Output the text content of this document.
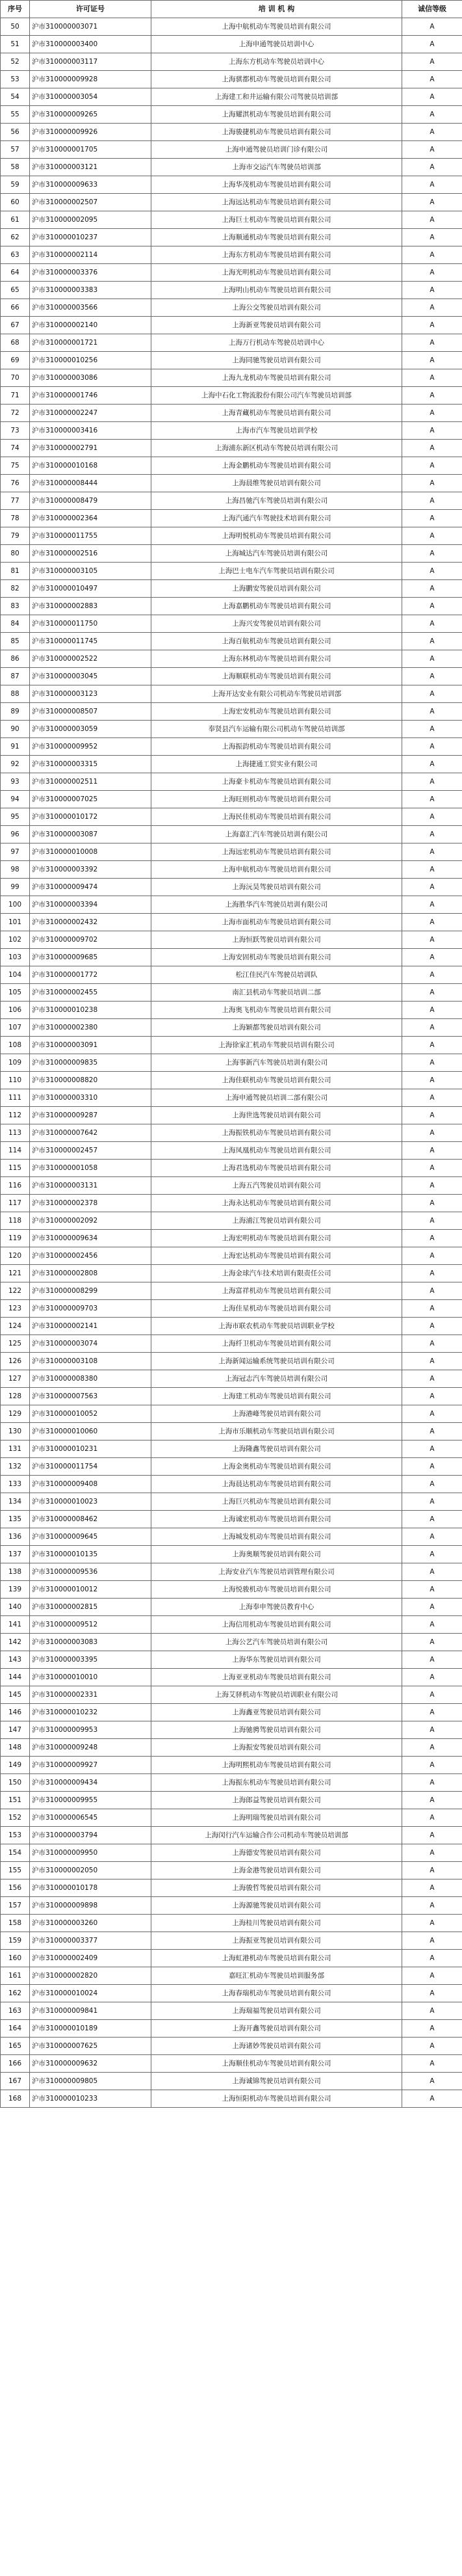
序号	许可证号	培 训 机 构	诚信等级
50	沪市310000003071	上海中航机动车驾驶员培训有限公司	A
51	沪市310000003400	上海申通驾驶员培训中心	A
52	沪市310000003117	上海东方机动车驾驶员培训中心	A
53	沪市310000009928	上海骐都机动车驾驶员培训有限公司	A
54	沪市310000003054	上海建工和井运输有限公司驾驶员培训部	A
55	沪市310000009265	上海耀淇机动车驾驶员培训有限公司	A
56	沪市310000009926	上海骏捷机动车驾驶员培训有限公司	A
57	沪市310000001705	上海申通驾驶员培训门诊有限公司	A
58	沪市310000003121	上海市交运汽车驾驶员培训部	A
59	沪市310000009633	上海华茂机动车驾驶员培训有限公司	A
60	沪市310000002507	上海远达机动车驾驶员培训有限公司	A
61	沪市310000002095	上海巨士机动车驾驶员培训有限公司	A
62	沪市310000010237	上海顺通机动车驾驶员培训有限公司	A
63	沪市310000002114	上海东方机动车驾驶员培训有限公司	A
64	沪市310000003376	上海光明机动车驾驶员培训有限公司	A
65	沪市310000003383	上海明山机动车驾驶员培训有限公司	A
66	沪市310000003566	上海公交驾驶员培训有限公司	A
67	沪市310000002140	上海新亚驾驶员培训有限公司	A
68	沪市310000001721	上海万行机动车驾驶员培训中心	A
69	沪市310000010256	上海同驰驾驶员培训有限公司	A
70	沪市310000003086	上海九龙机动车驾驶员培训有限公司	A
71	沪市310000001746	上海中石化工物流股份有限公司汽车驾驶员培训部	A
72	沪市310000002247	上海青藏机动车驾驶员培训有限公司	A
73	沪市310000003416	上海市汽车驾驶员培训学校	A
74	沪市310000002791	上海浦东新区机动车驾驶员培训有限公司	A
75	沪市310000010168	上海金鹏机动车驾驶员培训有限公司	A
76	沪市310000008444	上海晨维驾驶员培训有限公司	A
77	沪市310000008479	上海昌驰汽车驾驶员培训有限公司	A
78	沪市310000002364	上海汽通汽车驾驶技术培训有限公司	A
79	沪市310000011755	上海明悦机动车驾驶员培训有限公司	A
80	沪市310000002516	上海城达汽车驾驶员培训有限公司	A
81	沪市310000003105	上海巴士电车汽车驾驶员培训有限公司	A
82	沪市310000010497	上海鹏安驾驶员培训有限公司	A
83	沪市310000002883	上海嘉鹏机动车驾驶员培训有限公司	A
84	沪市310000011750	上海兴安驾驶员培训有限公司	A
85	沪市310000011745	上海百航机动车驾驶员培训有限公司	A
86	沪市310000002522	上海东林机动车驾驶员培训有限公司	A
87	沪市310000003045	上海顺联机动车驾驶员培训有限公司	A
88	沪市310000003123	上海开达安业有限公司机动车驾驶员培训部	A
89	沪市310000008507	上海宏安机动车驾驶员培训有限公司	A
90	沪市310000003059	奉贤县汽车运输有限公司机动车驾驶员培训部	A
91	沪市310000009952	上海振韵机动车驾驶员培训有限公司	A
92	沪市310000003315	上海捷通工贸实业有限公司	A
93	沪市310000002511	上海豪卡机动车驾驶员培训有限公司	A
94	沪市310000007025	上海旺则机动车驾驶员培训有限公司	A
95	沪市310000010172	上海民佳机动车驾驶员培训有限公司	A
96	沪市310000003087	上海嘉汇汽车驾驶员培训有限公司	A
97	沪市310000010008	上海远宏机动车驾驶员培训有限公司	A
98	沪市310000003392	上海申航机动车驾驶员培训有限公司	A
99	沪市310000009474	上海沅昊驾驶员培训有限公司	A
100	沪市310000003394	上海胜华汽车驾驶员培训有限公司	A
101	沪市310000002432	上海市面机动车驾驶员培训有限公司	A
102	沪市310000009702	上海恒跃驾驶员培训有限公司	A
103	沪市310000009685	上海安固机动车驾驶员培训有限公司	A
104	沪市310000001772	松江佳民汽车驾驶员培训队	A
105	沪市310000002455	南汇县机动车驾驶员培训二部	A
106	沪市310000010238	上海奥飞机动车驾驶员培训有限公司	A
107	沪市310000002380	上海颖都驾驶员培训有限公司	A
108	沪市310000003091	上海徐家汇机动车驾驶员培训有限公司	A
109	沪市310000009835	上海事新汽车驾驶员培训有限公司	A
110	沪市310000008820	上海佳联机动车驾驶员培训有限公司	A
111	沪市310000003310	上海申通驾驶员培训二部有限公司	A
112	沪市310000009287	上海世选驾驶员培训有限公司	A
113	沪市310000007642	上海振铁机动车驾驶员培训有限公司	A
114	沪市310000002457	上海凤凰机动车驾驶员培训有限公司	A
115	沪市310000001058	上海君选机动车驾驶员培训有限公司	A
116	沪市310000003131	上海五汽驾驶员培训有限公司	A
117	沪市310000002378	上海永达机动车驾驶员培训有限公司	A
118	沪市310000002092	上海浦江驾驶员培训有限公司	A
119	沪市310000009634	上海宏明机动车驾驶员培训有限公司	A
120	沪市310000002456	上海宏达机动车驾驶员培训有限公司	A
121	沪市310000002808	上海金球汽车技术培训有限责任公司	A
122	沪市310000008299	上海富祥机动车驾驶员培训有限公司	A
123	沪市310000009703	上海佳星机动车驾驶员培训有限公司	A
124	沪市310000002141	上海市联农机动车驾驶员培训职业学校	A
125	沪市310000003074	上海纤卫机动车驾驶员培训有限公司	A
126	沪市310000003108	上海新闻运输系统驾驶员培训有限公司	A
127	沪市310000008380	上海冠志汽车驾驶员培训有限公司	A
128	沪市310000007563	上海建工机动车驾驶员培训有限公司	A
129	沪市310000010052	上海港峰驾驶员培训有限公司	A
130	沪市310000010060	上海市乐顺机动车驾驶员培训有限公司	A
131	沪市310000010231	上海隆鑫驾驶员培训有限公司	A
132	沪市310000011754	上海金奥机动车驾驶员培训有限公司	A
133	沪市310000009408	上海晨达机动车驾驶员培训有限公司	A
134	沪市310000010023	上海巨兴机动车驾驶员培训有限公司	A
135	沪市310000008462	上海诚宏机动车驾驶员培训有限公司	A
136	沪市310000009645	上海城发机动车驾驶员培训有限公司	A
137	沪市310000010135	上海奥顺驾驶员培训有限公司	A
138	沪市310000009536	上海安业汽车驾驶员培训管理有限公司	A
139	沪市310000010012	上海悦骏机动车驾驶员培训有限公司	A
140	沪市310000002815	上海奉申驾驶员教育中心	A
141	沪市310000009512	上海信用机动车驾驶员培训有限公司	A
142	沪市310000003083	上海公艺汽车驾驶员培训有限公司	A
143	沪市310000003395	上海华东驾驶员培训有限公司	A
144	沪市310000010010	上海亚亚机动车驾驶员培训有限公司	A
145	沪市310000002331	上海艾驿机动车驾驶员培训职业有限公司	A
146	沪市310000010232	上海鑫亚驾驶员培训有限公司	A
147	沪市310000009953	上海驰骋驾驶员培训有限公司	A
148	沪市310000009248	上海振安驾驶员培训有限公司	A
149	沪市310000009927	上海明熙机动车驾驶员培训有限公司	A
150	沪市310000009434	上海振东机动车驾驶员培训有限公司	A
151	沪市310000009955	上海郎益驾驶员培训有限公司	A
152	沪市310000006545	上海明瑞驾驶员培训有限公司	A
153	沪市310000003794	上海闵行汽车运输合作公司机动车驾驶员培训部	A
154	沪市310000009950	上海德安驾驶员培训有限公司	A
155	沪市310000002050	上海金港驾驶员培训有限公司	A
156	沪市310000010178	上海骏哲驾驶员培训有限公司	A
157	沪市310000009898	上海源驰驾驶员培训有限公司	A
158	沪市310000003260	上海桂川驾驶员培训有限公司	A
159	沪市310000003377	上海振亚驾驶员培训有限公司	A
160	沪市310000002409	上海虹港机动车驾驶员培训有限公司	A
161	沪市310000002820	嘉旺汇机动车驾驶员培训服务部	A
162	沪市310000010024	上海春瑞机动车驾驶员培训有限公司	A
163	沪市310000009841	上海瑞福驾驶员培训有限公司	A
164	沪市310000010189	上海开鑫驾驶员培训有限公司	A
165	沪市310000007625	上海诸妙驾驶员培训有限公司	A
166	沪市310000009632	上海顺佳机动车驾驶员培训有限公司	A
167	沪市310000009805	上海诚锦驾驶员培训有限公司	A
168	沪市310000010233	上海恒阳机动车驾驶员培训有限公司	A
